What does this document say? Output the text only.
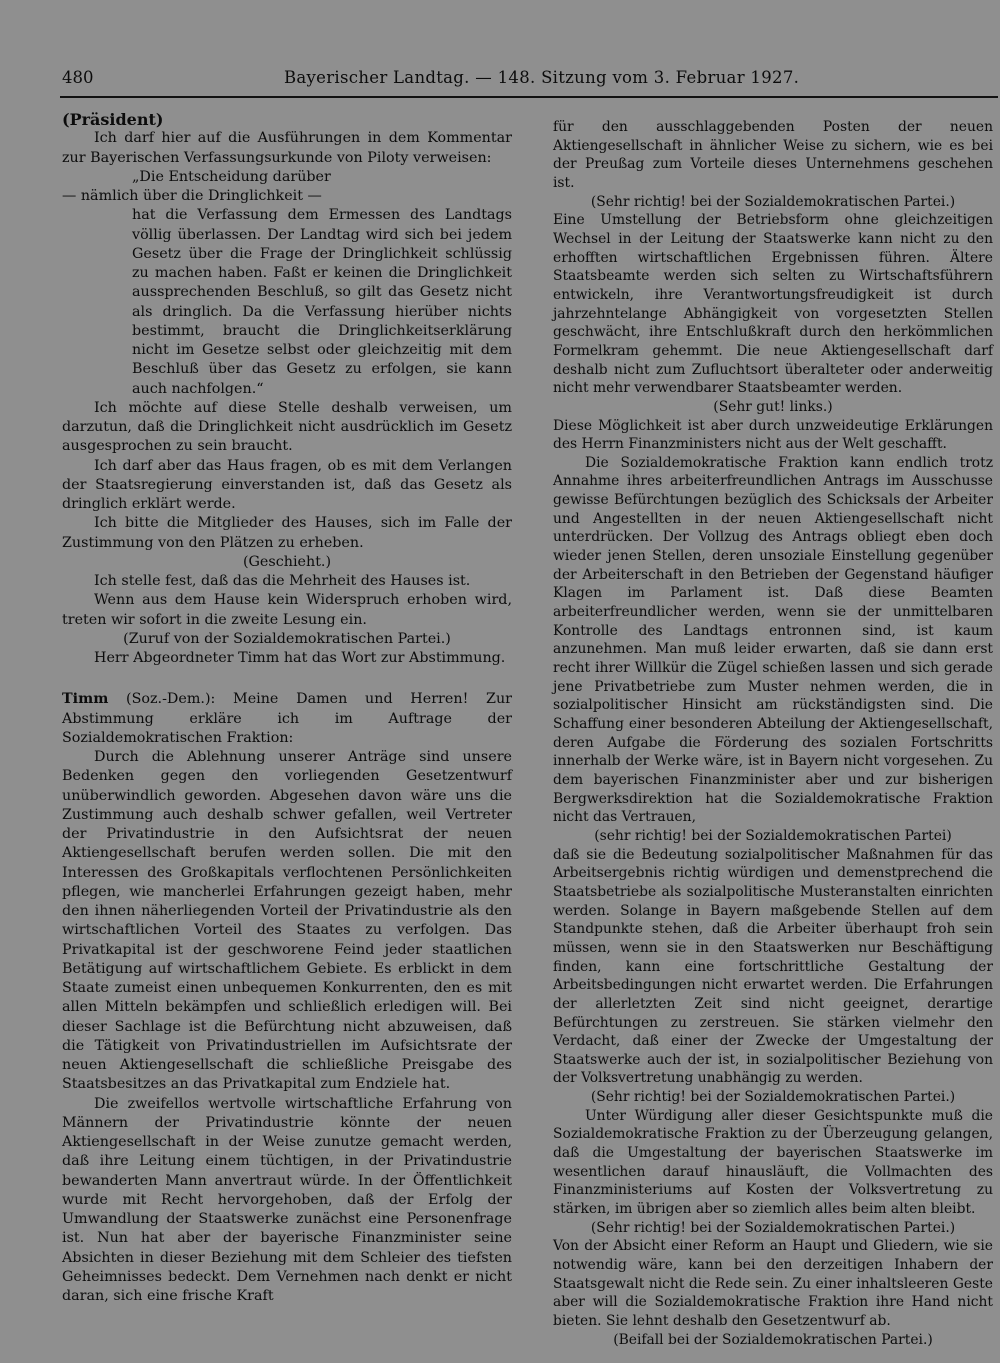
480	Bayerischer Landtag. — 148. Sitzung vom 3. Februar 1927.

(Präsident)

Ich darf hier auf die Ausführungen in dem Kommentar zur Bayerischen Verfassungsurkunde von Piloty verweisen:

„Die Entscheidung darüber

— nämlich über die Dringlichkeit —

hat die Verfassung dem Ermessen des Landtags völlig überlassen. Der Landtag wird sich bei jedem Gesetz über die Frage der Dringlichkeit schlüssig zu machen haben. Faßt er keinen die Dringlichkeit aussprechenden Beschluß, so gilt das Gesetz nicht als dringlich. Da die Verfassung hierüber nichts bestimmt, braucht die Dringlichkeitserklärung nicht im Gesetze selbst oder gleichzeitig mit dem Beschluß über das Gesetz zu erfolgen, sie kann auch nachfolgen.“

Ich möchte auf diese Stelle deshalb verweisen, um darzutun, daß die Dringlichkeit nicht ausdrücklich im Gesetz ausgesprochen zu sein braucht.

Ich darf aber das Haus fragen, ob es mit dem Verlangen der Staatsregierung einverstanden ist, daß das Gesetz als dringlich erklärt werde.

Ich bitte die Mitglieder des Hauses, sich im Falle der Zustimmung von den Plätzen zu erheben.

(Geschieht.)

Ich stelle fest, daß das die Mehrheit des Hauses ist.

Wenn aus dem Hause kein Widerspruch erhoben wird, treten wir sofort in die zweite Lesung ein.

(Zuruf von der Sozialdemokratischen Partei.)

Herr Abgeordneter Timm hat das Wort zur Abstimmung.

Timm (Soz.-Dem.): Meine Damen und Herren! Zur Abstimmung erkläre ich im Auftrage der Sozialdemokratischen Fraktion:

Durch die Ablehnung unserer Anträge sind unsere Bedenken gegen den vorliegenden Gesetzentwurf unüberwindlich geworden. Abgesehen davon wäre uns die Zustimmung auch deshalb schwer gefallen, weil Vertreter der Privatindustrie in den Aufsichtsrat der neuen Aktiengesellschaft berufen werden sollen. Die mit den Interessen des Großkapitals verflochtenen Persönlichkeiten pflegen, wie mancherlei Erfahrungen gezeigt haben, mehr den ihnen näherliegenden Vorteil der Privatindustrie als den wirtschaftlichen Vorteil des Staates zu verfolgen. Das Privatkapital ist der geschworene Feind jeder staatlichen Betätigung auf wirtschaftlichem Gebiete. Es erblickt in dem Staate zumeist einen unbequemen Konkurrenten, den es mit allen Mitteln bekämpfen und schließlich erledigen will. Bei dieser Sachlage ist die Befürchtung nicht abzuweisen, daß die Tätigkeit von Privatindustriellen im Aufsichtsrate der neuen Aktiengesellschaft die schließliche Preisgabe des Staatsbesitzes an das Privatkapital zum Endziele hat.

Die zweifellos wertvolle wirtschaftliche Erfahrung von Männern der Privatindustrie könnte der neuen Aktiengesellschaft in der Weise zunutze gemacht werden, daß ihre Leitung einem tüchtigen, in der Privatindustrie bewanderten Mann anvertraut würde. In der Öffentlichkeit wurde mit Recht hervorgehoben, daß der Erfolg der Umwandlung der Staatswerke zunächst eine Personenfrage ist. Nun hat aber der bayerische Finanzminister seine Absichten in dieser Beziehung mit dem Schleier des tiefsten Geheimnisses bedeckt. Dem Vernehmen nach denkt er nicht daran, sich eine frische Kraft

für den ausschlaggebenden Posten der neuen Aktiengesellschaft in ähnlicher Weise zu sichern, wie es bei der Preußag zum Vorteile dieses Unternehmens geschehen ist.

(Sehr richtig! bei der Sozialdemokratischen Partei.)

Eine Umstellung der Betriebsform ohne gleichzeitigen Wechsel in der Leitung der Staatswerke kann nicht zu den erhofften wirtschaftlichen Ergebnissen führen. Ältere Staatsbeamte werden sich selten zu Wirtschaftsführern entwickeln, ihre Verantwortungsfreudigkeit ist durch jahrzehntelange Abhängigkeit von vorgesetzten Stellen geschwächt, ihre Entschlußkraft durch den herkömmlichen Formelkram gehemmt. Die neue Aktiengesellschaft darf deshalb nicht zum Zufluchtsort überalteter oder anderweitig nicht mehr verwendbarer Staatsbeamter werden.

(Sehr gut! links.)

Diese Möglichkeit ist aber durch unzweideutige Erklärungen des Herrn Finanzministers nicht aus der Welt geschafft.

Die Sozialdemokratische Fraktion kann endlich trotz Annahme ihres arbeiterfreundlichen Antrags im Ausschusse gewisse Befürchtungen bezüglich des Schicksals der Arbeiter und Angestellten in der neuen Aktiengesellschaft nicht unterdrücken. Der Vollzug des Antrags obliegt eben doch wieder jenen Stellen, deren unsoziale Einstellung gegenüber der Arbeiterschaft in den Betrieben der Gegenstand häufiger Klagen im Parlament ist. Daß diese Beamten arbeiterfreundlicher werden, wenn sie der unmittelbaren Kontrolle des Landtags entronnen sind, ist kaum anzunehmen. Man muß leider erwarten, daß sie dann erst recht ihrer Willkür die Zügel schießen lassen und sich gerade jene Privatbetriebe zum Muster nehmen werden, die in sozialpolitischer Hinsicht am rückständigsten sind. Die Schaffung einer besonderen Abteilung der Aktiengesellschaft, deren Aufgabe die Förderung des sozialen Fortschritts innerhalb der Werke wäre, ist in Bayern nicht vorgesehen. Zu dem bayerischen Finanzminister aber und zur bisherigen Bergwerksdirektion hat die Sozialdemokratische Fraktion nicht das Vertrauen,

(sehr richtig! bei der Sozialdemokratischen Partei)

daß sie die Bedeutung sozialpolitischer Maßnahmen für das Arbeitsergebnis richtig würdigen und demenstprechend die Staatsbetriebe als sozialpolitische Musteranstalten einrichten werden. Solange in Bayern maßgebende Stellen auf dem Standpunkte stehen, daß die Arbeiter überhaupt froh sein müssen, wenn sie in den Staatswerken nur Beschäftigung finden, kann eine fortschrittliche Gestaltung der Arbeitsbedingungen nicht erwartet werden. Die Erfahrungen der allerletzten Zeit sind nicht geeignet, derartige Befürchtungen zu zerstreuen. Sie stärken vielmehr den Verdacht, daß einer der Zwecke der Umgestaltung der Staatswerke auch der ist, in sozialpolitischer Beziehung von der Volksvertretung unabhängig zu werden.

(Sehr richtig! bei der Sozialdemokratischen Partei.)

Unter Würdigung aller dieser Gesichtspunkte muß die Sozialdemokratische Fraktion zu der Überzeugung gelangen, daß die Umgestaltung der bayerischen Staatswerke im wesentlichen darauf hinausläuft, die Vollmachten des Finanzministeriums auf Kosten der Volksvertretung zu stärken, im übrigen aber so ziemlich alles beim alten bleibt.

(Sehr richtig! bei der Sozialdemokratischen Partei.)

Von der Absicht einer Reform an Haupt und Gliedern, wie sie notwendig wäre, kann bei den derzeitigen Inhabern der Staatsgewalt nicht die Rede sein. Zu einer inhaltsleeren Geste aber will die Sozialdemokratische Fraktion ihre Hand nicht bieten. Sie lehnt deshalb den Gesetzentwurf ab.

(Beifall bei der Sozialdemokratischen Partei.)
